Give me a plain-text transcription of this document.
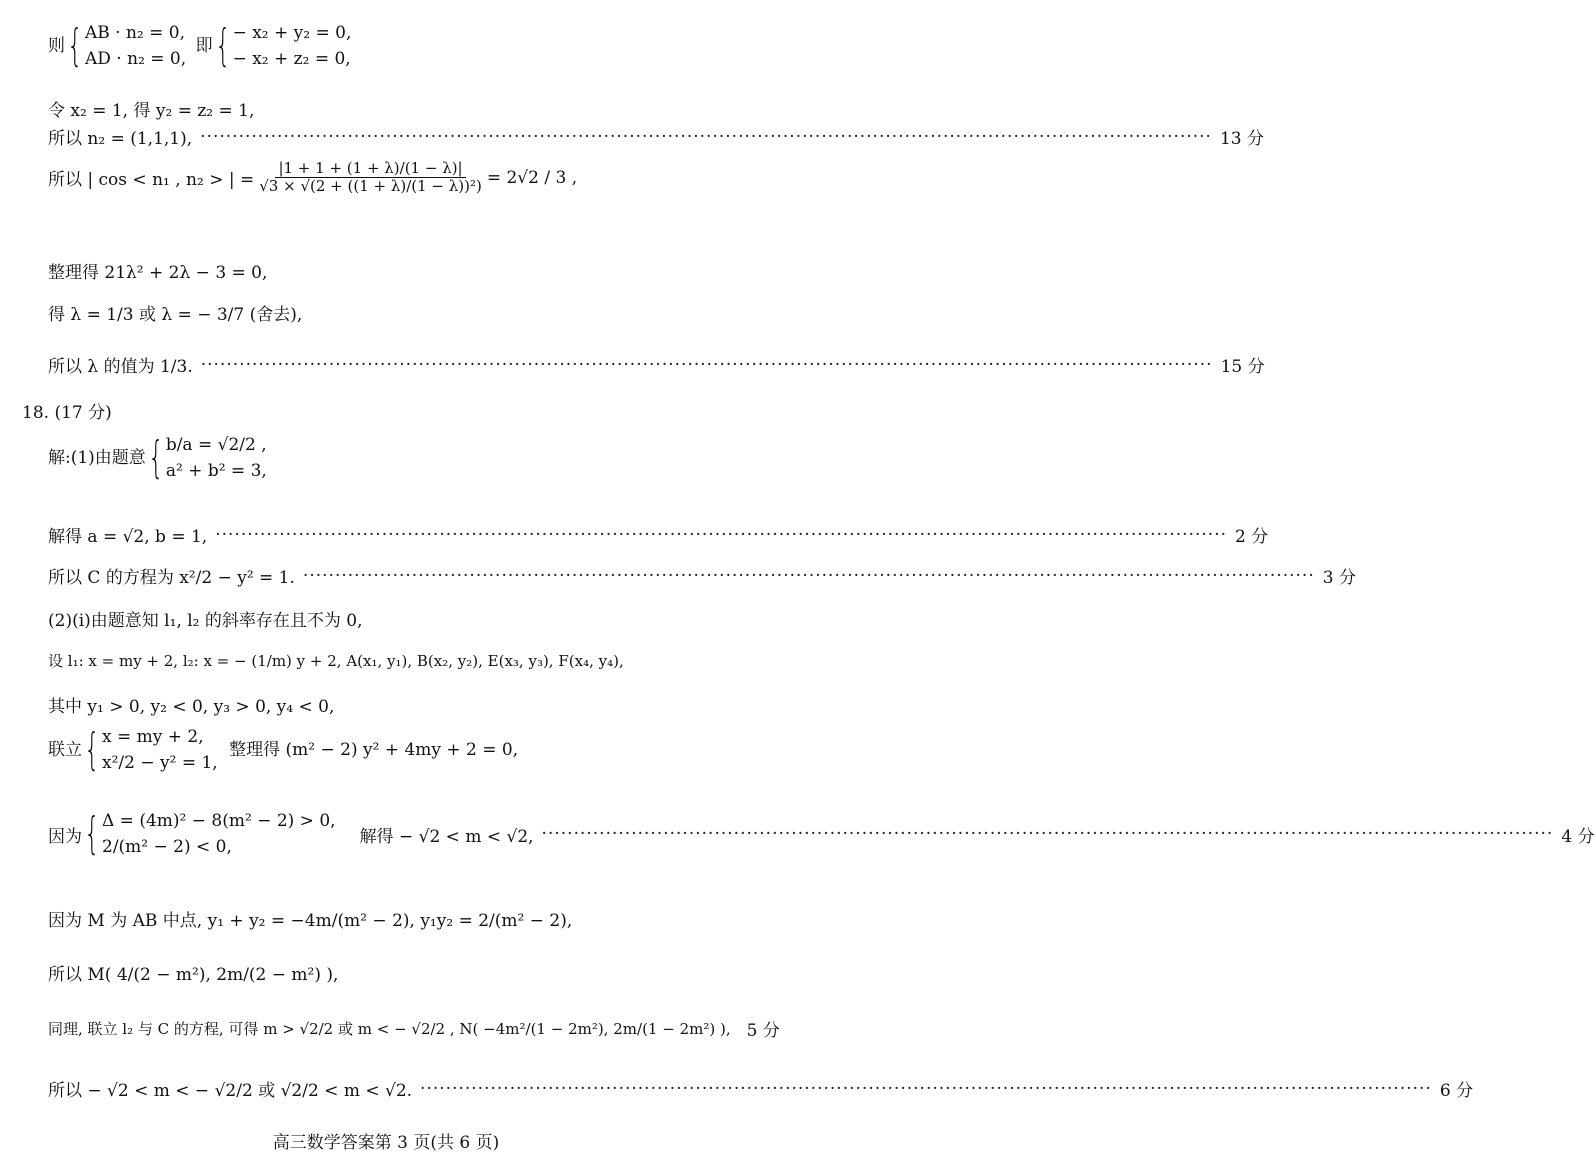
则{ AB · n₂ = 0,
AD · n₂ = 0,
即{ − x₂ + y₂ = 0,
− x₂ + z₂ = 0,
令 x₂ = 1, 得 y₂ = z₂ = 1,
所以 n₂ = (1,1,1), ·····	13 分
所以 | cos < n₁ , n₂ > | = $\frac{|1 + 1 + (1 + \lambda)/(1 - \lambda)|}{\text{√3 × √(2 + ((1 + λ)/(1 − λ))²)}} = 2√2 / 3$ ,
整理得 21λ² + 2λ − 3 = 0,
得 λ = 1/3 或 λ = − 3/7 (舍去),
所以 λ 的值为 1/3. ·····	15 分
18. (17 分)
解:(1)由题意{ b/a = √2/2 ,
a² + b² = 3,
解得 a = √2, b = 1, ·····	2 分
所以 C 的方程为 x²/2 − y² = 1. ·····	3 分
(2)(ⅰ)由题意知 l₁, l₂ 的斜率存在且不为 0,
设 l₁: x = my + 2, l₂: x = − (1/m) y + 2, A(x₁, y₁), B(x₂, y₂), E(x₃, y₃), F(x₄, y₄),
其中 y₁ > 0, y₂ < 0, y₃ > 0, y₄ < 0,
联立{ x = my + 2,
x²/2 − y² = 1,
整理得 (m² − 2) y² + 4my + 2 = 0,
因为 { Δ = (4m)² − 8(m² − 2) > 0,
2/(m² − 2) < 0,
解得 − √2 < m < √2, ·····	4 分
因为 M 为 AB 中点, y₁ + y₂ = −4m/(m² − 2), y₁y₂ = 2/(m² − 2),
所以 M( 4/(2 − m²), 2m/(2 − m²) ),
同理, 联立 l₂ 与 C 的方程, 可得 m > √2/2 或 m < − √2/2 , N( −4m²/(1 − 2m²), 2m/(1 − 2m²) ), 5 分
所以 − √2 < m < − √2/2 或 √2/2 < m < √2. ·····	6 分
高三数学答案第 3 页(共 6 页)
